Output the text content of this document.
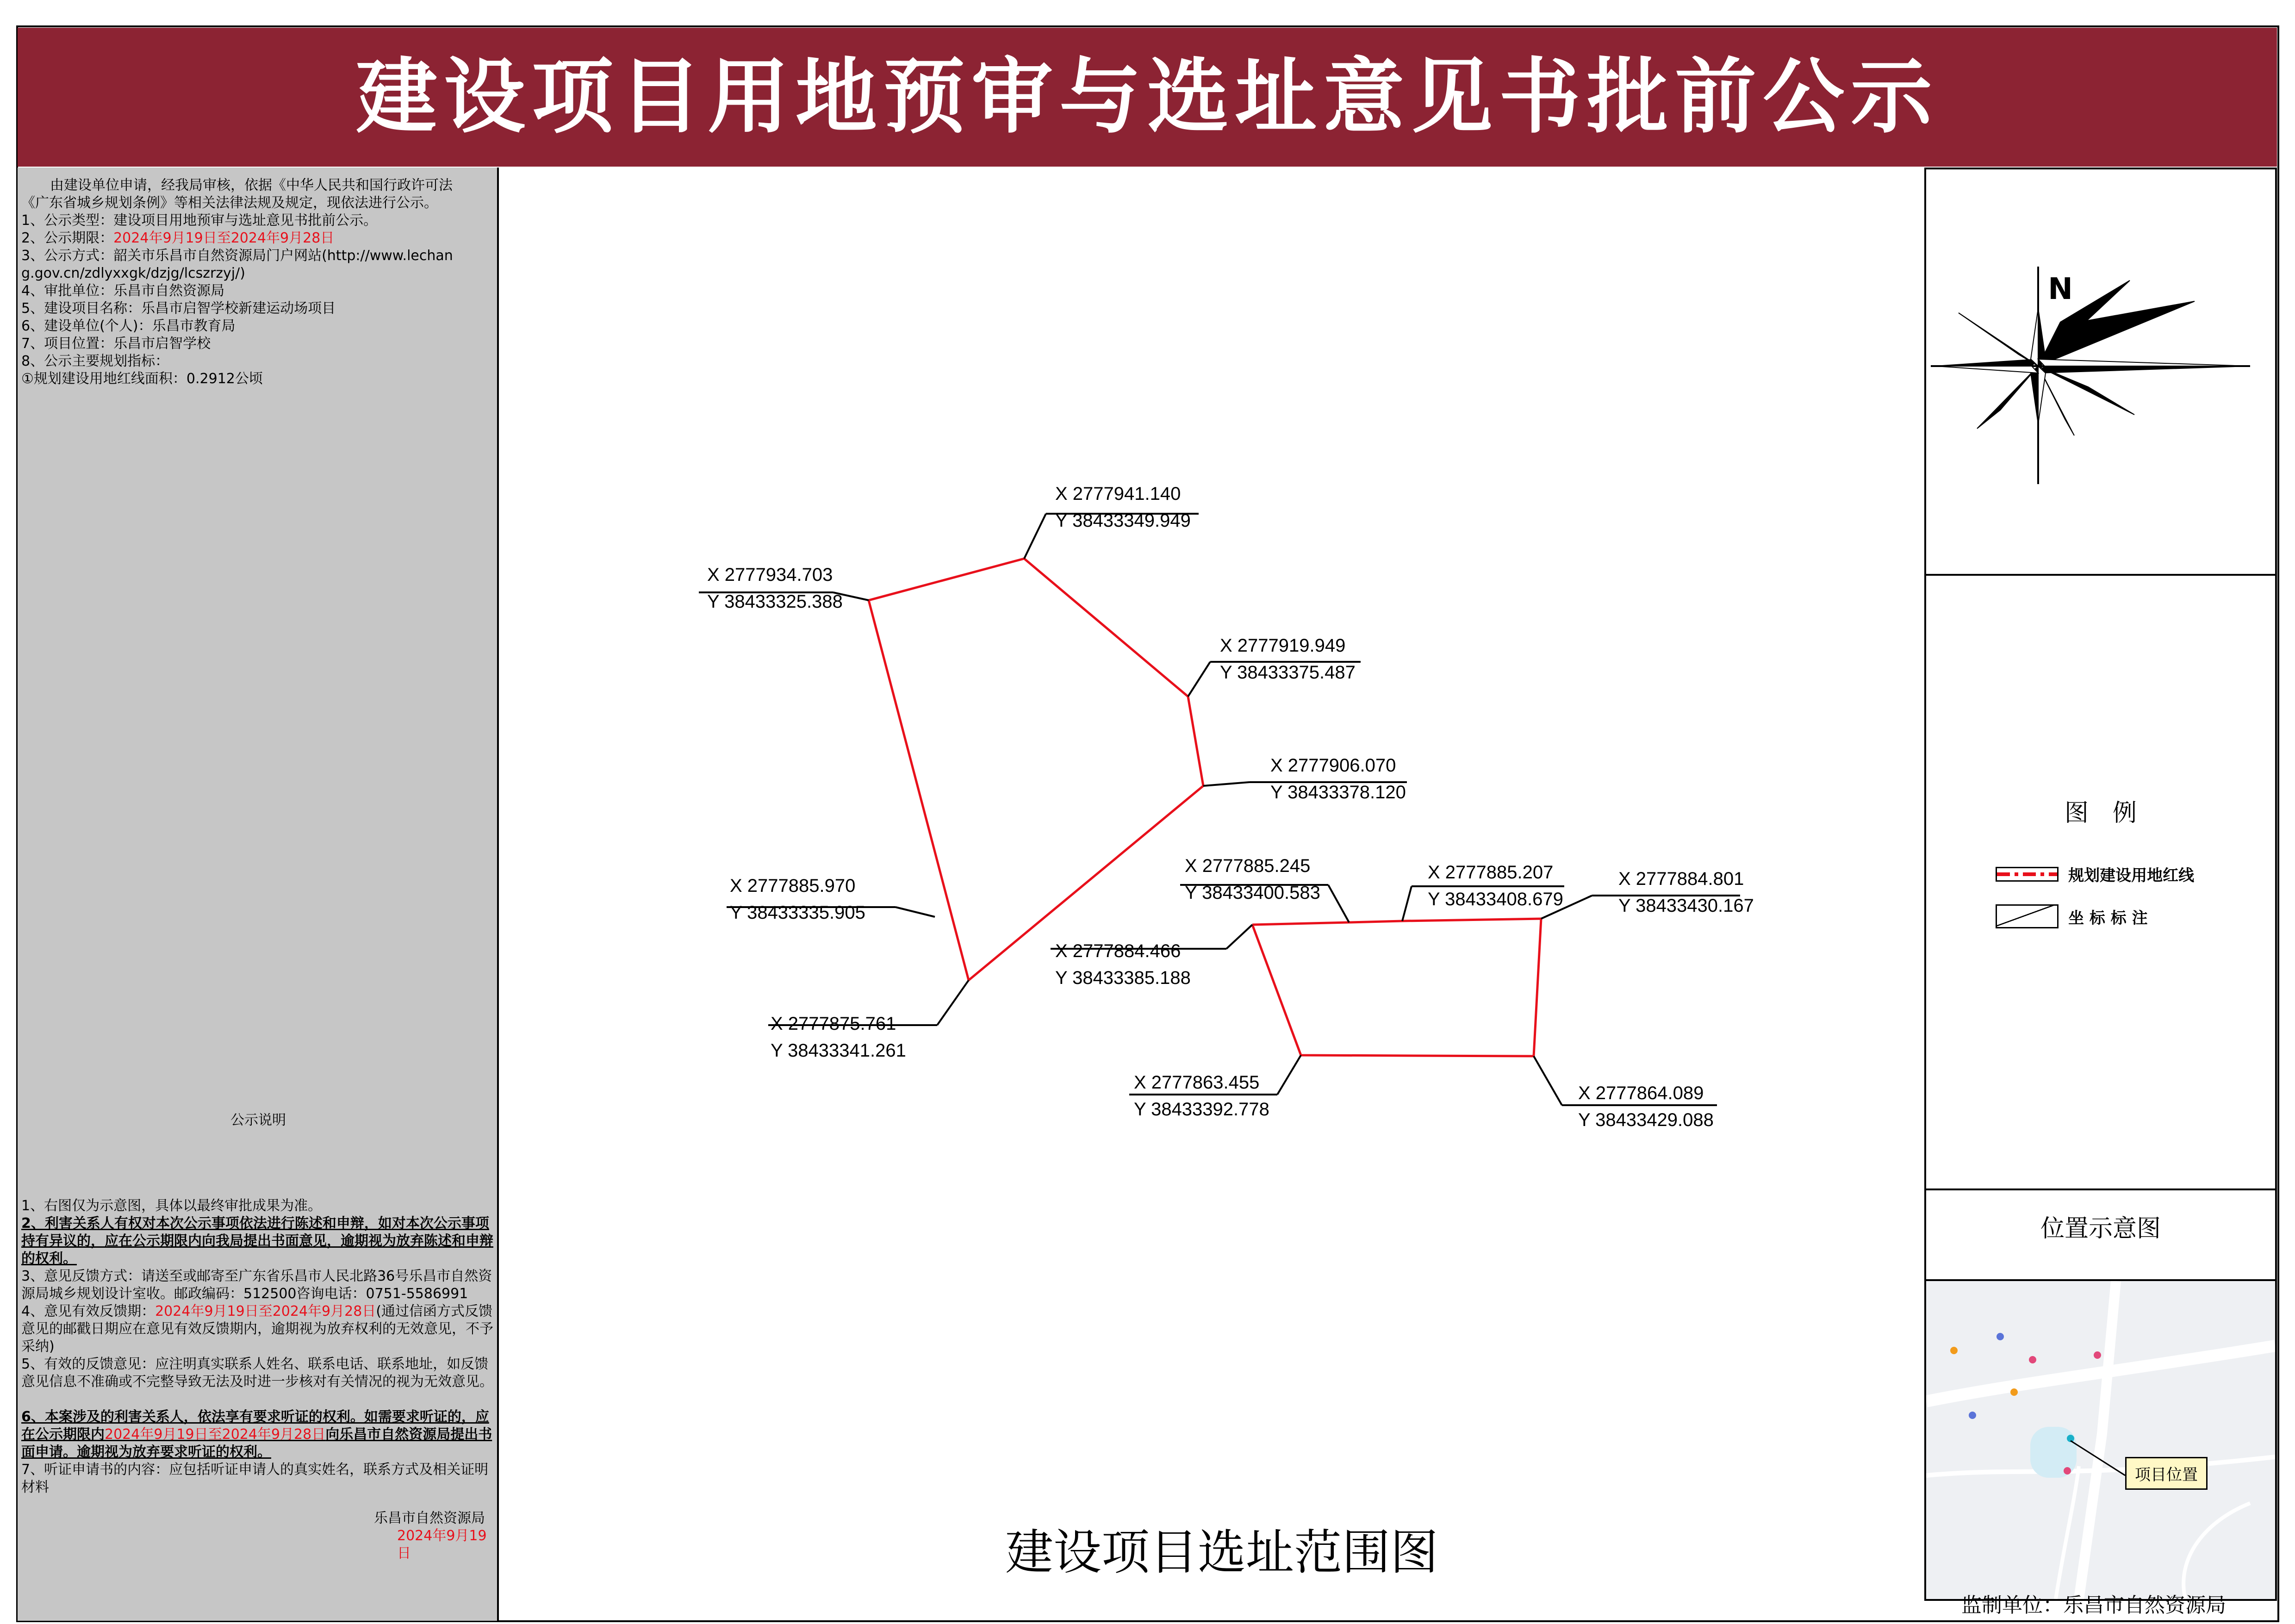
建设项目用地预审与选址意见书批前公示
由建设单位申请，经我局审核，依据《中华人民共和国行政许可法
《广东省城乡规划条例》等相关法律法规及规定，现依法进行公示。
1、公示类型：建设项目用地预审与选址意见书批前公示。
2、公示期限：2024年9月19日至2024年9月28日
3、公示方式：韶关市乐昌市自然资源局门户网站(http://www.lechan
g.gov.cn/zdlyxxgk/dzjg/lcszrzyj/)
4、审批单位：乐昌市自然资源局
5、建设项目名称：乐昌市启智学校新建运动场项目
6、建设单位(个人)：乐昌市教育局
7、项目位置：乐昌市启智学校
8、公示主要规划指标：
①规划建设用地红线面积：0.2912公顷
公示说明
1、右图仅为示意图，具体以最终审批成果为准。
2、利害关系人有权对本次公示事项依法进行陈述和申辩，如对本次公示事项持有异议的，应在公示期限内向我局提出书面意见，逾期视为放弃陈述和申辩的权利。
3、意见反馈方式：请送至或邮寄至广东省乐昌市人民北路36号乐昌市自然资源局城乡规划设计室收。邮政编码：512500咨询电话：0751-5586991
4、意见有效反馈期：2024年9月19日至2024年9月28日(通过信函方式反馈意见的邮戳日期应在意见有效反馈期内，逾期视为放弃权利的无效意见，不予采纳)
5、有效的反馈意见：应注明真实联系人姓名、联系电话、联系地址，如反馈意见信息不准确或不完整导致无法及时进一步核对有关情况的视为无效意见。
6、本案涉及的利害关系人，依法享有要求听证的权利。如需要求听证的，应在公示期限内2024年9月19日至2024年9月28日向乐昌市自然资源局提出书面申请。逾期视为放弃要求听证的权利。
7、听证申请书的内容：应包括听证申请人的真实姓名，联系方式及相关证明材料
乐昌市自然资源局
2024年9月19日
X 2777941.140
Y 38433349.949
X 2777934.703
Y 38433325.388
X 2777919.949
Y 38433375.487
X 2777906.070
Y 38433378.120
X 2777885.970
Y 38433335.905
X 2777875.761
Y 38433341.261
X 2777885.245
Y 38433400.583
X 2777885.207
Y 38433408.679
X 2777884.801
Y 38433430.167
X 2777884.466
Y 38433385.188
X 2777863.455
Y 38433392.778
X 2777864.089
Y 38433429.088
建设项目选址范围图
N
图　例
规划建设用地红线
坐 标 标 注
位置示意图
项目位置
监制单位：乐昌市自然资源局
